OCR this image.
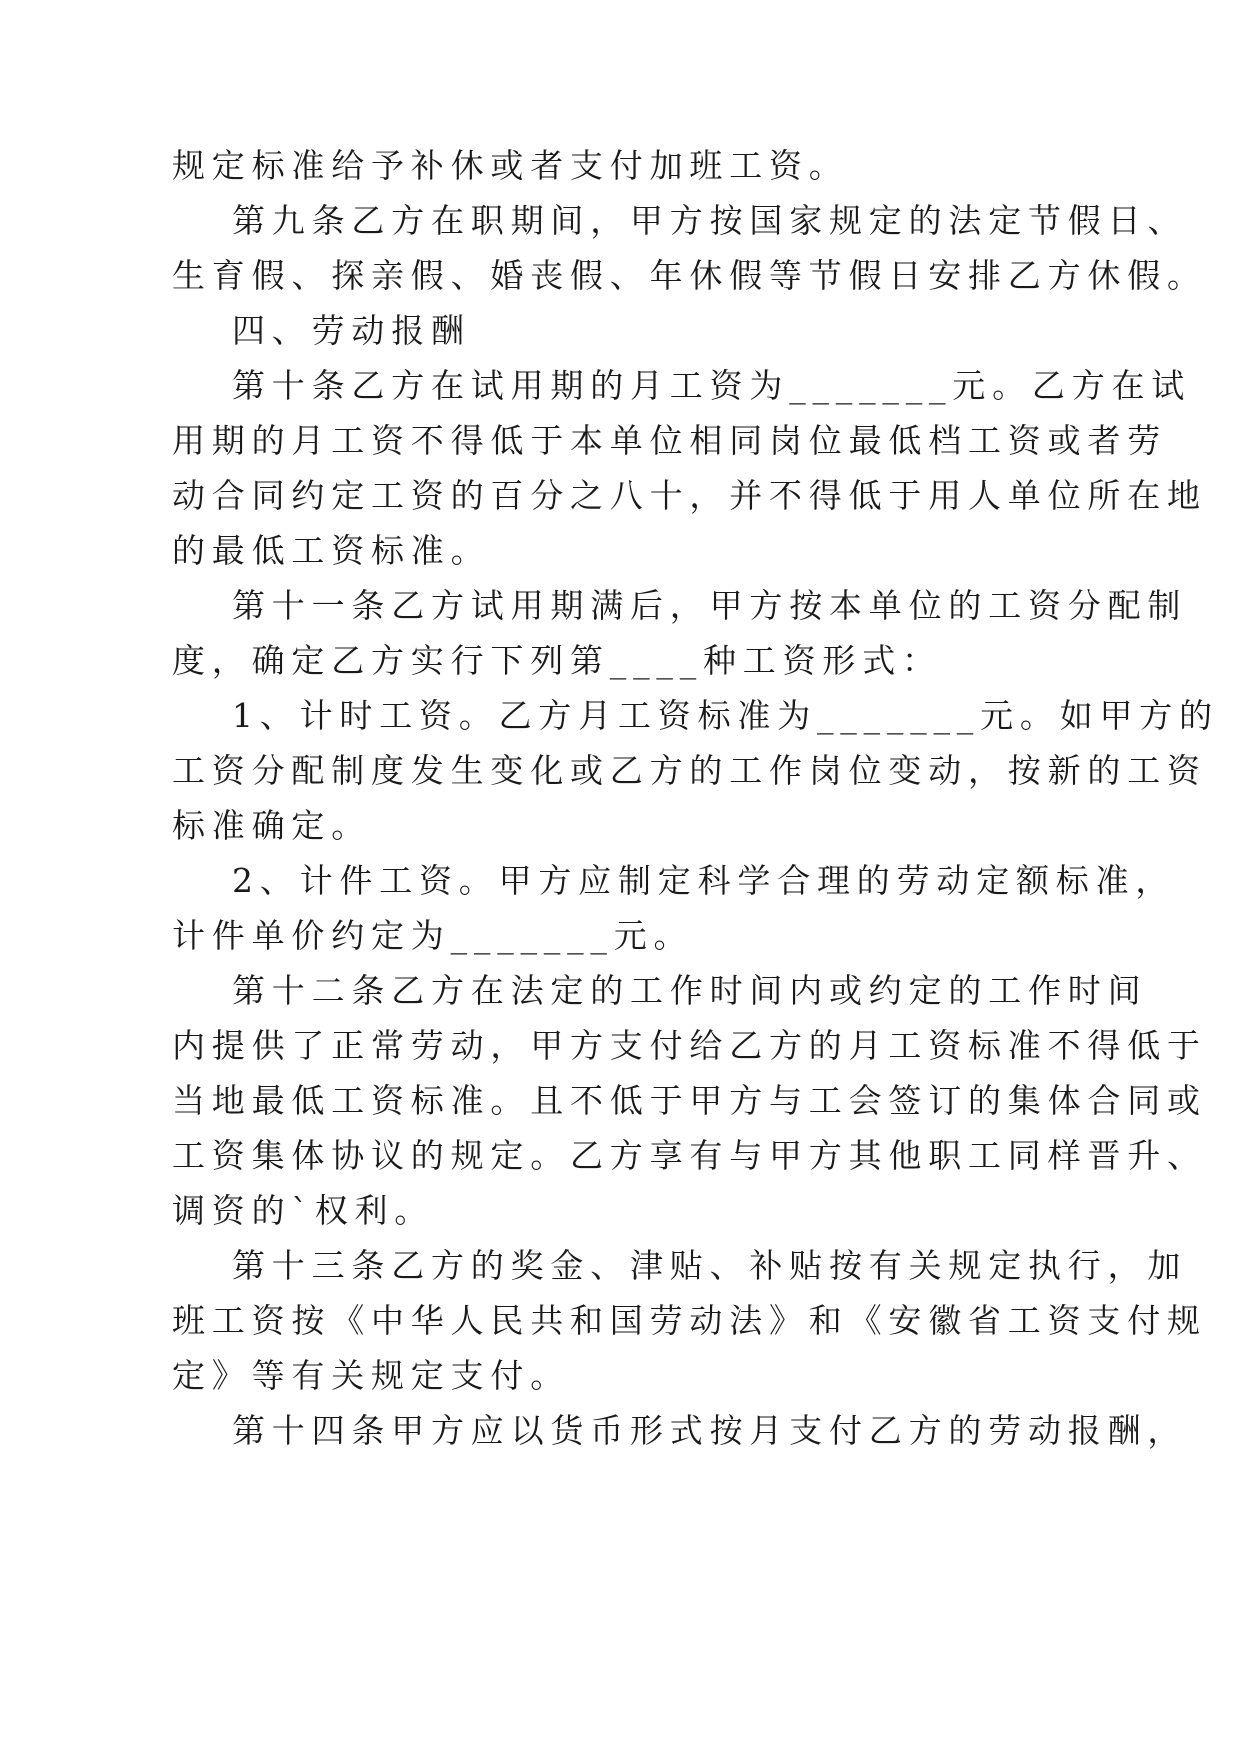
规定标准给予补休或者支付加班工资。
第九条乙方在职期间，甲方按国家规定的法定节假日、
生育假、探亲假、婚丧假、年休假等节假日安排乙方休假。
四、劳动报酬
第十条乙方在试用期的月工资为_______元。乙方在试
用期的月工资不得低于本单位相同岗位最低档工资或者劳
动合同约定工资的百分之八十，并不得低于用人单位所在地
的最低工资标准。
第十一条乙方试用期满后，甲方按本单位的工资分配制
度，确定乙方实行下列第____种工资形式：
1、计时工资。乙方月工资标准为_______元。如甲方的
工资分配制度发生变化或乙方的工作岗位变动，按新的工资
标准确定。
2、计件工资。甲方应制定科学合理的劳动定额标准，
计件单价约定为_______元。
第十二条乙方在法定的工作时间内或约定的工作时间
内提供了正常劳动，甲方支付给乙方的月工资标准不得低于
当地最低工资标准。且不低于甲方与工会签订的集体合同或
工资集体协议的规定。乙方享有与甲方其他职工同样晋升、
调资的`权利。
第十三条乙方的奖金、津贴、补贴按有关规定执行，加
班工资按《中华人民共和国劳动法》和《安徽省工资支付规
定》等有关规定支付。
第十四条甲方应以货币形式按月支付乙方的劳动报酬，
